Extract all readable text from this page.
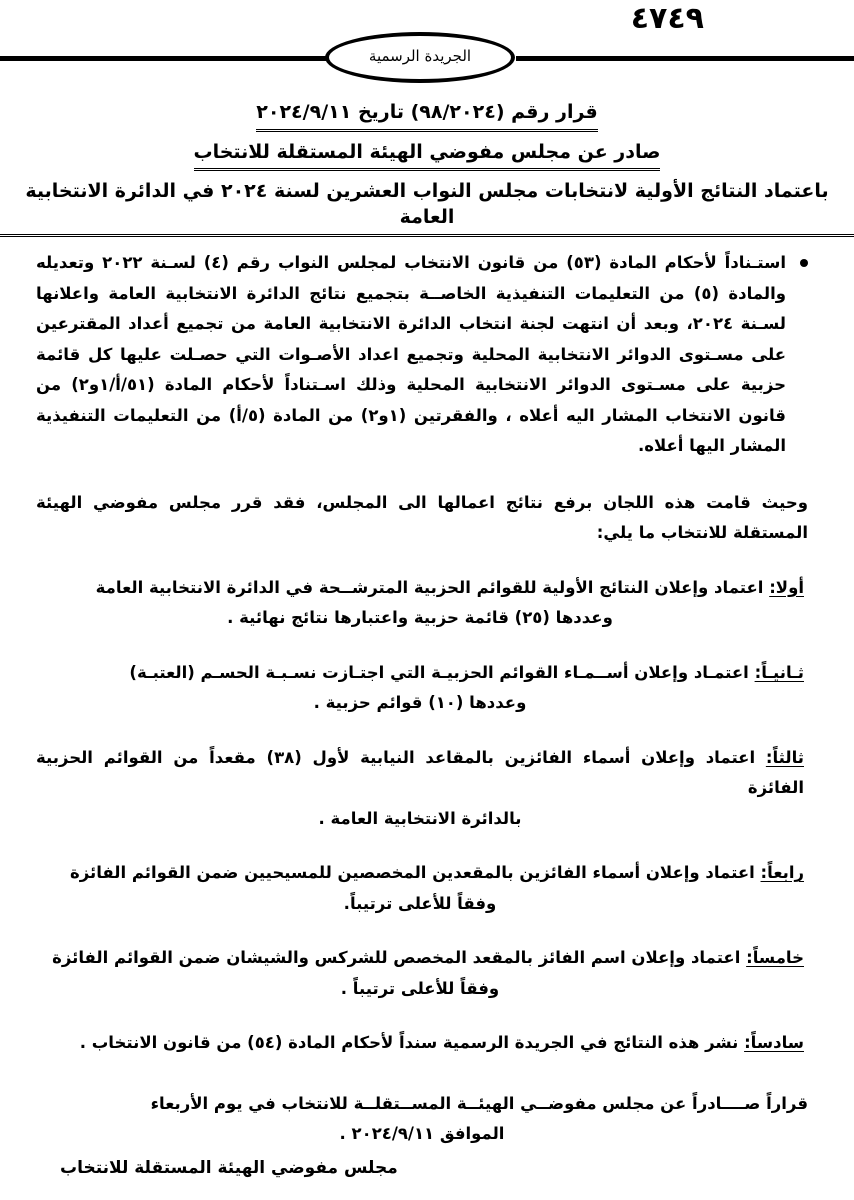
٤٧٤٩
الجريدة الرسمية
قرار رقم (٩٨/٢٠٢٤) تاريخ ٢٠٢٤/٩/١١
صادر عن مجلس مفوضي الهيئة المستقلة للانتخاب
باعتماد النتائج الأولية لانتخابات مجلس النواب العشرين لسنة ٢٠٢٤ في الدائرة الانتخابية العامة
استـناداً لأحكام المادة (٥٣) من قانون الانتخاب لمجلس النواب رقم (٤) لسـنة ٢٠٢٢ وتعديله والمادة (٥) من التعليمات التنفيذية الخاصــة بتجميع نتائج الدائرة الانتخابية العامة واعلانها لسـنة ٢٠٢٤، وبعد أن انتهت لجنة انتخاب الدائرة الانتخابية العامة من تجميع أعداد المقترعين على مسـتوى الدوائر الانتخابية المحلية وتجميع اعداد الأصـوات التي حصـلت عليها كل قائمة حزبية على مسـتوى الدوائر الانتخابية المحلية وذلك اسـتناداً لأحكام المادة (٥١/أ/١و٢) من قانون الانتخاب المشار اليه أعلاه ، والفقرتين (١و٢) من المادة (٥/أ) من التعليمات التنفيذية المشار اليها أعلاه.
وحيث قامت هذه اللجان برفع نتائج اعمالها الى المجلس، فقد قرر مجلس مفوضي الهيئة المستقلة للانتخاب ما يلي:
أولا: اعتماد وإعلان النتائج الأولية للقوائم الحزبية المترشــحة في الدائرة الانتخابية العامة
وعددها (٢٥) قائمة حزبية واعتبارها نتائج نهائية .
ثـانيـاً: اعتمـاد وإعلان أســمـاء القوائم الحزبيـة التي اجتـازت نسـبـة الحسـم (العتبـة)
وعددها (١٠) قوائم حزبية .
ثالثاً: اعتماد وإعلان أسماء الفائزين بالمقاعد النيابية لأول (٣٨) مقعداً من القوائم الحزبية الفائزة
بالدائرة الانتخابية العامة .
رابعاً: اعتماد وإعلان أسماء الفائزين بالمقعدين المخصصين للمسيحيين ضمن القوائم الفائزة
وفقاً للأعلى ترتيباً.
خامساً: اعتماد وإعلان اسم الفائز بالمقعد المخصص للشركس والشيشان ضمن القوائم الفائزة
وفقاً للأعلى ترتيباً .
سادساً: نشر هذه النتائج في الجريدة الرسمية سنداً لأحكام المادة (٥٤) من قانون الانتخاب .
قراراً صــــادراً عن مجلس مفوضــي الهيئــة المســتقلــة للانتخاب في يوم الأربعاء
الموافق ٢٠٢٤/٩/١١ .
مجلس مفوضي الهيئة المستقلة للانتخاب
